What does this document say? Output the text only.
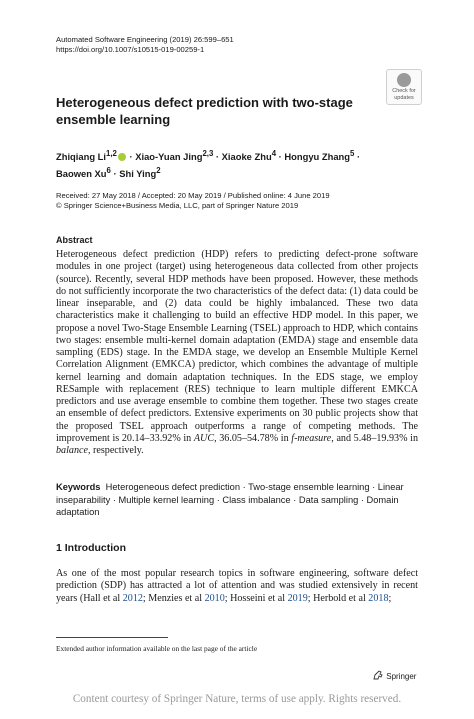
Automated Software Engineering (2019) 26:599–651
https://doi.org/10.1007/s10515-019-00259-1
Check for
updates
Heterogeneous defect prediction with two-stage ensemble learning
Zhiqiang Li$^{1,2}$ · Xiao-Yuan Jing$^{2,3}$ · Xiaoke Zhu$^4$ · Hongyu Zhang$^5$ ·
Baowen $Xu^6$ · Shi Ying$^2$
Received: 27 May 2018 / Accepted: 20 May 2019 / Published online: 4 June 2019
© Springer Science+Business Media, LLC, part of Springer Nature 2019
Abstract
Heterogeneous defect prediction (HDP) refers to predicting defect-prone software modules in one project (target) using heterogeneous data collected from other projects (source). Recently, several HDP methods have been proposed. However, these methods do not sufficiently incorporate the two characteristics of the defect data: (1) data could be linear inseparable, and (2) data could be highly imbalanced. These two data characteristics make it challenging to build an effective HDP model. In this paper, we propose a novel Two-Stage Ensemble Learning (TSEL) approach to HDP, which contains two stages: ensemble multi-kernel domain adaptation (EMDA) stage and ensemble data sampling (EDS) stage. In the EMDA stage, we develop an Ensemble Multiple Kernel Correlation Alignment (EMKCA) predictor, which combines the advantage of multiple kernel learning and domain adaptation techniques. In the EDS stage, we employ RESample with replacement (RES) technique to learn multiple different EMKCA predictors and use average ensemble to combine them together. These two stages create an ensemble of defect predictors. Extensive experiments on 30 public projects show that the proposed TSEL approach outperforms a range of competing methods. The improvement is 20.14–33.92% in AUC, 36.05–54.78% in f-measure, and 5.48–19.93% in balance, respectively.
Keywords Heterogeneous defect prediction · Two-stage ensemble learning · Linear inseparability · Multiple kernel learning · Class imbalance · Data sampling · Domain adaptation
1 Introduction
As one of the most popular research topics in software engineering, software defect prediction (SDP) has attracted a lot of attention and was studied extensively in recent years (Hall et al 2012; Menzies et al 2010; Hosseini et al 2019; Herbold et al 2018;
Extended author information available on the last page of the article
Springer
Content courtesy of Springer Nature, terms of use apply. Rights reserved.
